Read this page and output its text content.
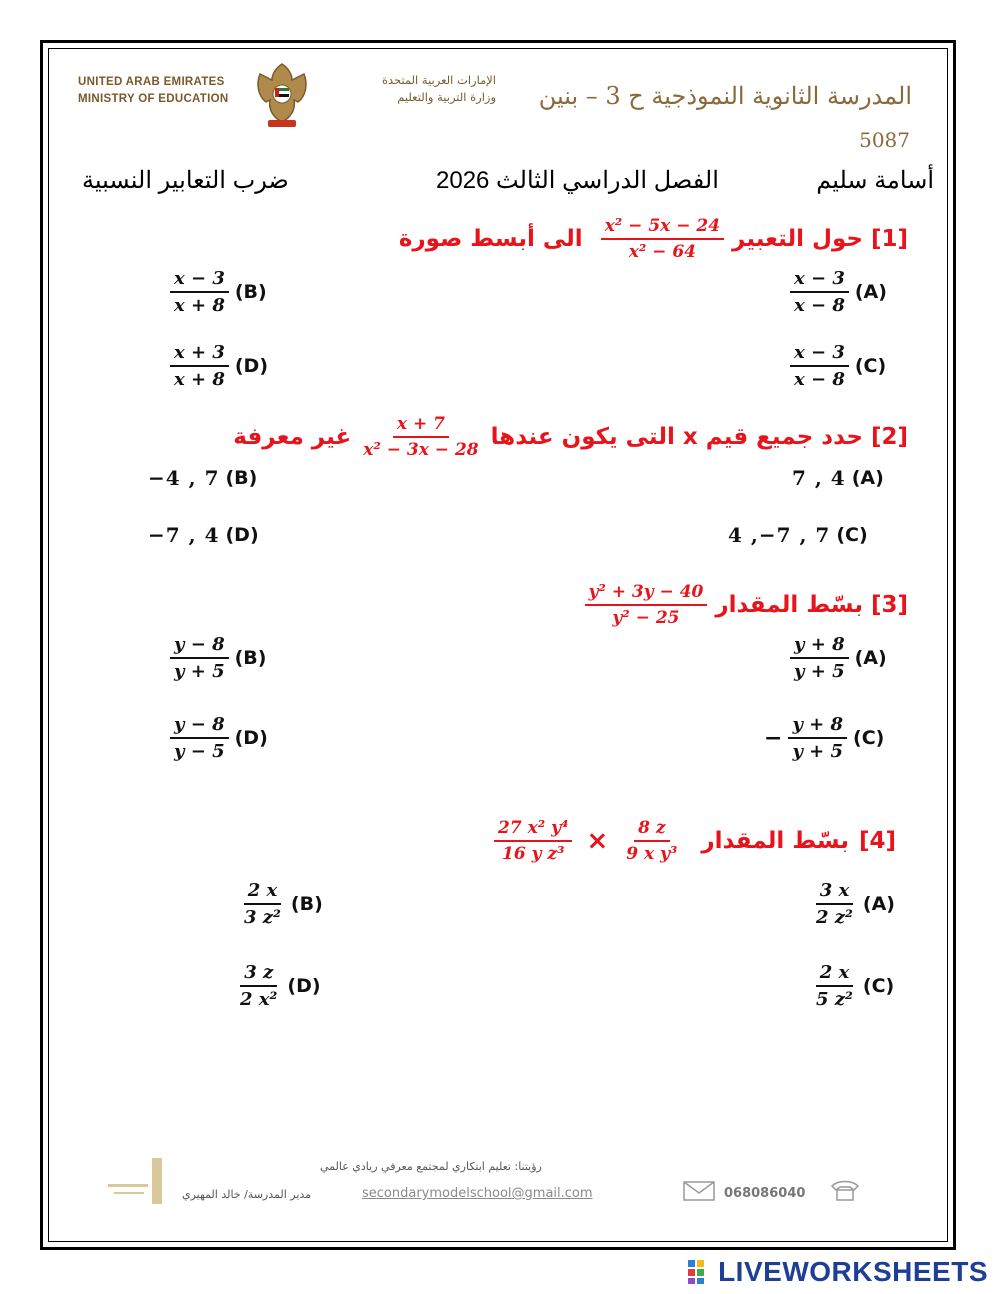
UNITED ARAB EMIRATES
MINISTRY OF EDUCATION
الإمارات العربية المتحدة
وزارة التربية والتعليم المدرسة الثانوية النموذجية ح 3 – بنين
5087
أسامة سليم
الفصل الدراسي الثالث 2026
ضرب التعابير النسبية
[1]
حول التعبير
$\frac{\text{x² − 5x − 24}}{\text{x² − 64}}$
الى أبسط صورة
$\frac{x - 3}{x - 8} (A)$
$\frac{x - 3}{x + 8} (B)$
$\frac{x - 3}{x - 8} (C)$
$\frac{x + 3}{x + 8} (D)$
[2]
حدد جميع قيم x التى يكون عندها
$\frac{x + 7}{\text{x² − 3x − 28}}$
غير معرفة
7 , 4 (A)
−4 , 7 (B)
4 ,−7 , 7 (C)
−7 , 4 (D)
[3]
بسّط المقدار
$\frac{\text{y² + 3y − 40}}{\text{25 − y²}}$
$\frac{y + 8}{y + 5} (A)$
$\frac{y - 8}{y + 5} (B)$
− $\frac{y + 8}{y + 5} (C)$
$\frac{y - 8}{y - 5} (D)$
[4]
بسّط المقدار
$\frac{\text{27 x² y⁴}}{\text{16 y z³}} \times \frac{8 z}{\text{9 x y³}}$
$\frac{3 x}{\text{2 z²}} (A)$
$\frac{2 x}{\text{3 z²}} (B)$
$\frac{2 x}{\text{5 z²}} (C)$
$\frac{3 z}{\text{2 x²}} (D)$
رؤيتنا: تعليم ابتكاري لمجتمع معرفي ريادي عالمي
مدير المدرسة/ خالد المهيري	secondarymodelschool@gmail.com	068086040
LIVEWORKSHEETS
